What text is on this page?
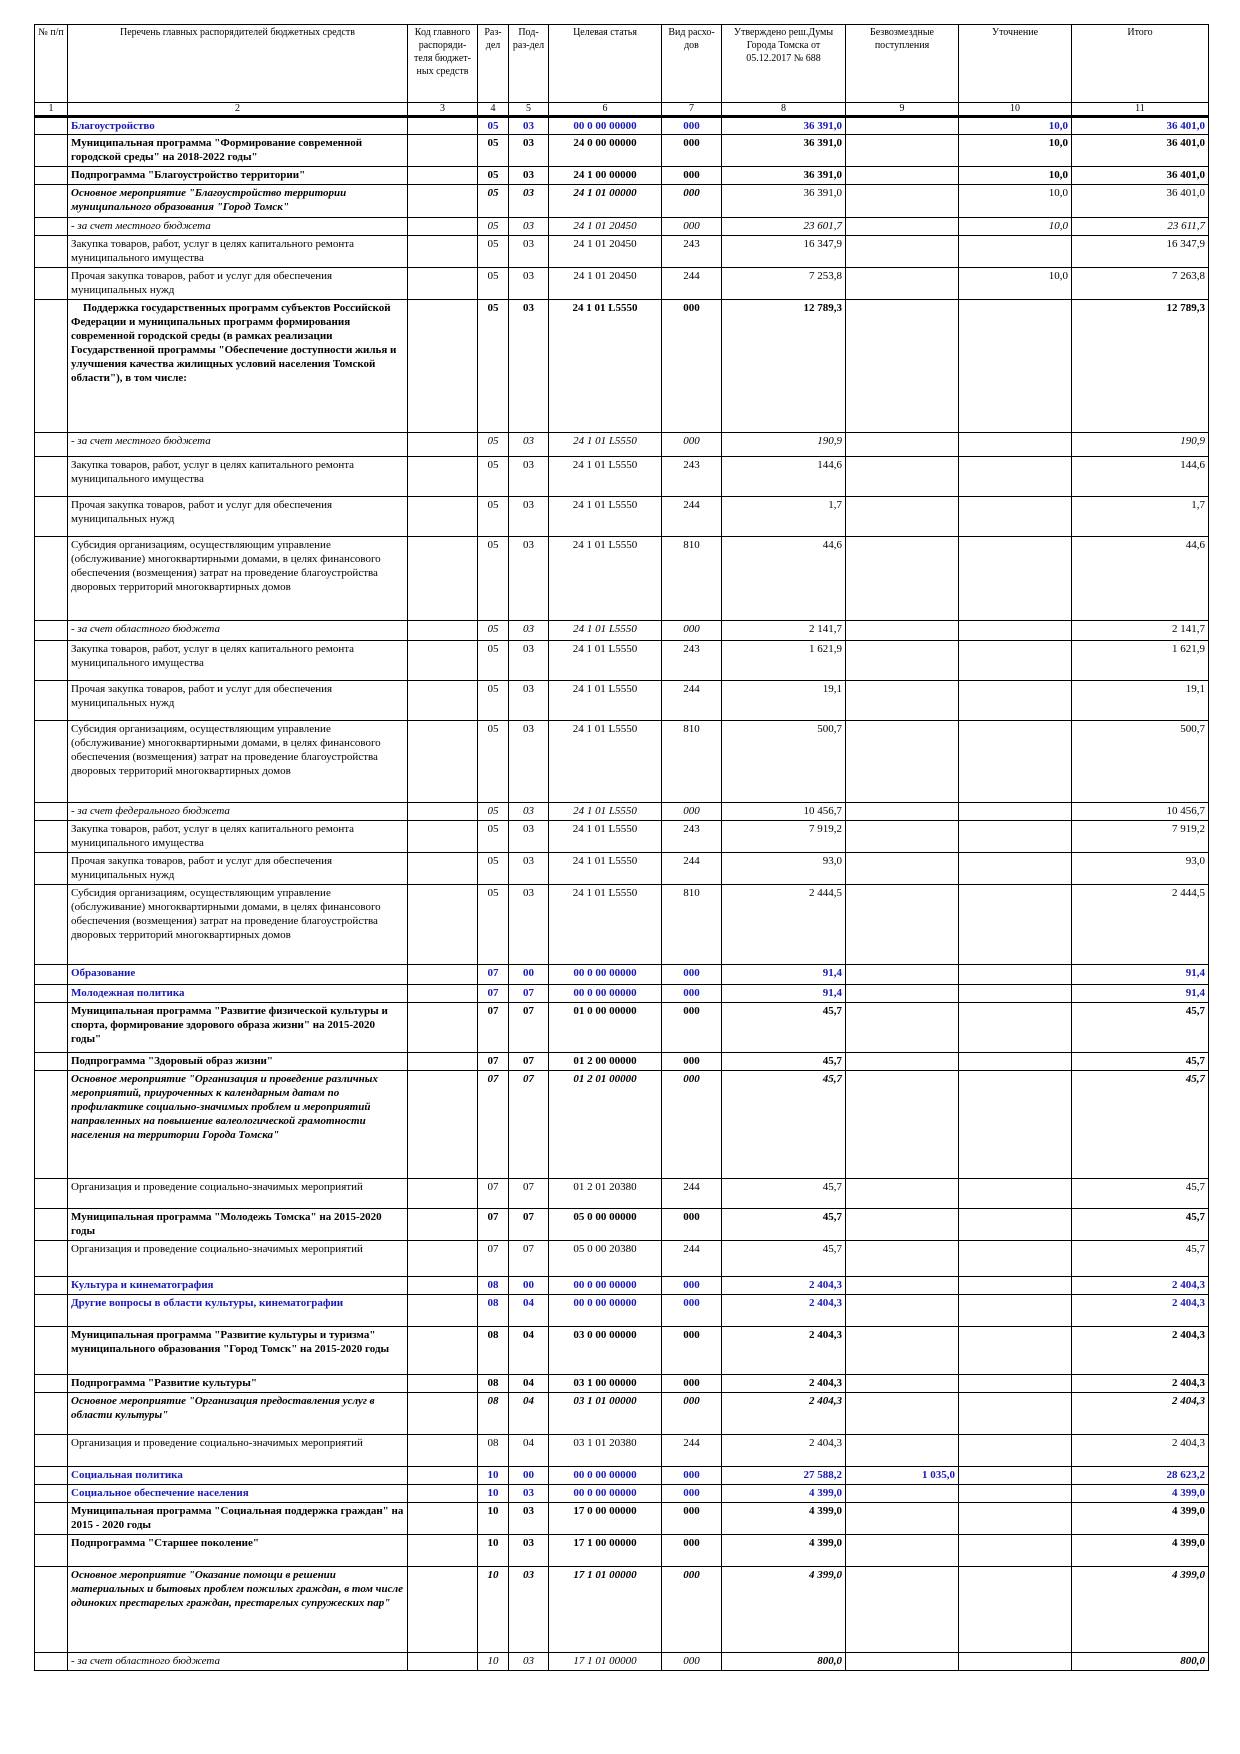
№ п/п	Перечень главных распорядителей бюджетных средств	Код главного распоряди-теля бюджет-ных средств	Раз-дел	Под-раз-дел	Целевая статья	Вид расхо-дов	Утверждено реш.Думы Города Томска от 05.12.2017 № 688	Безвозмездные поступления	Уточнение	Итого
1	2	3	4	5	6	7	8	9	10	11
	Благоустройство		05	03	00 0 00 00000	000	36 391,0		10,0	36 401,0
	Муниципальная программа "Формирование современной городской среды" на 2018-2022 годы"		05	03	24 0 00 00000	000	36 391,0		10,0	36 401,0
	Подпрограмма "Благоустройство территории"		05	03	24 1 00 00000	000	36 391,0		10,0	36 401,0
	Основное мероприятие "Благоустройство территории муниципального образования "Город Томск"		05	03	24 1 01 00000	000	36 391,0		10,0	36 401,0
	- за счет местного бюджета		05	03	24 1 01 20450	000	23 601,7		10,0	23 611,7
	Закупка товаров, работ, услуг в целях капитального ремонта муниципального имущества		05	03	24 1 01 20450	243	16 347,9			16 347,9
	Прочая закупка товаров, работ и услуг для обеспечения муниципальных нужд		05	03	24 1 01 20450	244	7 253,8		10,0	7 263,8
	Поддержка государственных программ субъектов Российской Федерации и муниципальных программ формирования современной городской среды (в рамках реализации Государственной программы "Обеспечение доступности жилья и улучшения качества жилищных условий населения Томской области"), в том числе:		05	03	24 1 01 L5550	000	12 789,3			12 789,3
	- за счет местного бюджета		05	03	24 1 01 L5550	000	190,9			190,9
	Закупка товаров, работ, услуг в целях капитального ремонта муниципального имущества		05	03	24 1 01 L5550	243	144,6			144,6
	Прочая закупка товаров, работ и услуг для обеспечения муниципальных нужд		05	03	24 1 01 L5550	244	1,7			1,7
	Субсидия организациям, осуществляющим управление (обслуживание) многоквартирными домами, в целях финансового обеспечения (возмещения) затрат на проведение благоустройства дворовых территорий многоквартирных домов		05	03	24 1 01 L5550	810	44,6			44,6
	- за счет областного бюджета		05	03	24 1 01 L5550	000	2 141,7			2 141,7
	Закупка товаров, работ, услуг в целях капитального ремонта муниципального имущества		05	03	24 1 01 L5550	243	1 621,9			1 621,9
	Прочая закупка товаров, работ и услуг для обеспечения муниципальных нужд		05	03	24 1 01 L5550	244	19,1			19,1
	Субсидия организациям, осуществляющим управление (обслуживание) многоквартирными домами, в целях финансового обеспечения (возмещения) затрат на проведение благоустройства дворовых территорий многоквартирных домов		05	03	24 1 01 L5550	810	500,7			500,7
	- за счет федерального бюджета		05	03	24 1 01 L5550	000	10 456,7			10 456,7
	Закупка товаров, работ, услуг в целях капитального ремонта муниципального имущества		05	03	24 1 01 L5550	243	7 919,2			7 919,2
	Прочая закупка товаров, работ и услуг для обеспечения муниципальных нужд		05	03	24 1 01 L5550	244	93,0			93,0
	Субсидия организациям, осуществляющим управление (обслуживание) многоквартирными домами, в целях финансового обеспечения (возмещения) затрат на проведение благоустройства дворовых территорий многоквартирных домов		05	03	24 1 01 L5550	810	2 444,5			2 444,5
	Образование		07	00	00 0 00 00000	000	91,4			91,4
	Молодежная политика		07	07	00 0 00 00000	000	91,4			91,4
	Муниципальная программа "Развитие физической культуры и спорта, формирование здорового образа жизни" на 2015-2020 годы"		07	07	01 0 00 00000	000	45,7			45,7
	Подпрограмма "Здоровый образ жизни"		07	07	01 2 00 00000	000	45,7			45,7
	Основное мероприятие "Организация и проведение различных мероприятий, приуроченных к календарным датам по профилактике социально-значимых проблем и мероприятий направленных на повышение валеологической грамотности населения на территории Города Томска"		07	07	01 2 01 00000	000	45,7			45,7
	Организация и проведение социально-значимых мероприятий		07	07	01 2 01 20380	244	45,7			45,7
	Муниципальная программа "Молодежь Томска" на 2015-2020 годы		07	07	05 0 00 00000	000	45,7			45,7
	Организация и проведение социально-значимых мероприятий		07	07	05 0 00 20380	244	45,7			45,7
	Культура и кинематография		08	00	00 0 00 00000	000	2 404,3			2 404,3
	Другие вопросы в области культуры, кинематографии		08	04	00 0 00 00000	000	2 404,3			2 404,3
	Муниципальная программа "Развитие культуры и туризма" муниципального образования "Город Томск" на 2015-2020 годы		08	04	03 0 00 00000	000	2 404,3			2 404,3
	Подпрограмма "Развитие культуры"		08	04	03 1 00 00000	000	2 404,3			2 404,3
	Основное мероприятие "Организация предоставления услуг в области культуры"		08	04	03 1 01 00000	000	2 404,3			2 404,3
	Организация и проведение социально-значимых мероприятий		08	04	03 1 01 20380	244	2 404,3			2 404,3
	Социальная политика		10	00	00 0 00 00000	000	27 588,2	1 035,0		28 623,2
	Социальное обеспечение населения		10	03	00 0 00 00000	000	4 399,0			4 399,0
	Муниципальная программа "Социальная поддержка граждан" на 2015 - 2020 годы		10	03	17 0 00 00000	000	4 399,0			4 399,0
	Подпрограмма "Старшее поколение"		10	03	17 1 00 00000	000	4 399,0			4 399,0
	Основное мероприятие "Оказание помощи в решении материальных и бытовых проблем пожилых граждан, в том числе одиноких престарелых граждан, престарелых супружеских пар"		10	03	17 1 01 00000	000	4 399,0			4 399,0
	- за счет областного бюджета		10	03	17 1 01 00000	000	800,0			800,0
